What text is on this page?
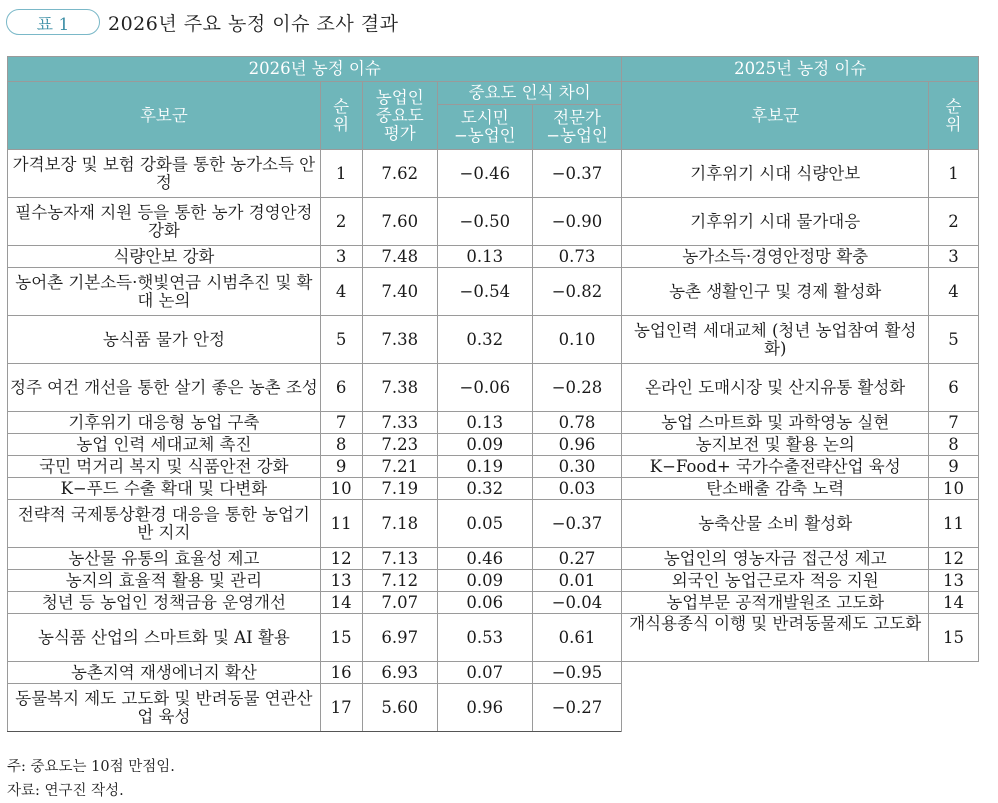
표 1	2026년 주요 농정 이슈 조사 결과
2026년 농정 이슈					2025년 농정 이슈	
후보군	순위	농업인 중요도 평가	중요도 인식 차이		후보군	순위
			도시민 −농업인	전문가 −농업인		
가격보장 및 보험 강화를 통한 농가소득 안정	1	7.62	−0.46	−0.37	기후위기 시대 식량안보	1
필수농자재 지원 등을 통한 농가 경영안정 강화	2	7.60	−0.50	−0.90	기후위기 시대 물가대응	2
식량안보 강화	3	7.48	0.13	0.73	농가소득·경영안정망 확충	3
농어촌 기본소득·햇빛연금 시범추진 및 확대 논의	4	7.40	−0.54	−0.82	농촌 생활인구 및 경제 활성화	4
농식품 물가 안정	5	7.38	0.32	0.10	농업인력 세대교체 (청년 농업참여 활성화)	5
정주 여건 개선을 통한 살기 좋은 농촌 조성	6	7.38	−0.06	−0.28	온라인 도매시장 및 산지유통 활성화	6
기후위기 대응형 농업 구축	7	7.33	0.13	0.78	농업 스마트화 및 과학영농 실현	7
농업 인력 세대교체 촉진	8	7.23	0.09	0.96	농지보전 및 활용 논의	8
국민 먹거리 복지 및 식품안전 강화	9	7.21	0.19	0.30	K−Food+ 국가수출전략산업 육성	9
K−푸드 수출 확대 및 다변화	10	7.19	0.32	0.03	탄소배출 감축 노력	10
전략적 국제통상환경 대응을 통한 농업기반 지지	11	7.18	0.05	−0.37	농축산물 소비 활성화	11
농산물 유통의 효율성 제고	12	7.13	0.46	0.27	농업인의 영농자금 접근성 제고	12
농지의 효율적 활용 및 관리	13	7.12	0.09	0.01	외국인 농업근로자 적응 지원	13
청년 등 농업인 정책금융 운영개선	14	7.07	0.06	−0.04	농업부문 공적개발원조 고도화	14
농식품 산업의 스마트화 및 AI 활용	15	6.97	0.53	0.61	개식용종식 이행 및 반려동물제도 고도화	15
농촌지역 재생에너지 확산	16	6.93	0.07	−0.95		
동물복지 제도 고도화 및 반려동물 연관산업 육성	17	5.60	0.96	−0.27		
주: 중요도는 10점 만점임.
자료: 연구진 작성.
